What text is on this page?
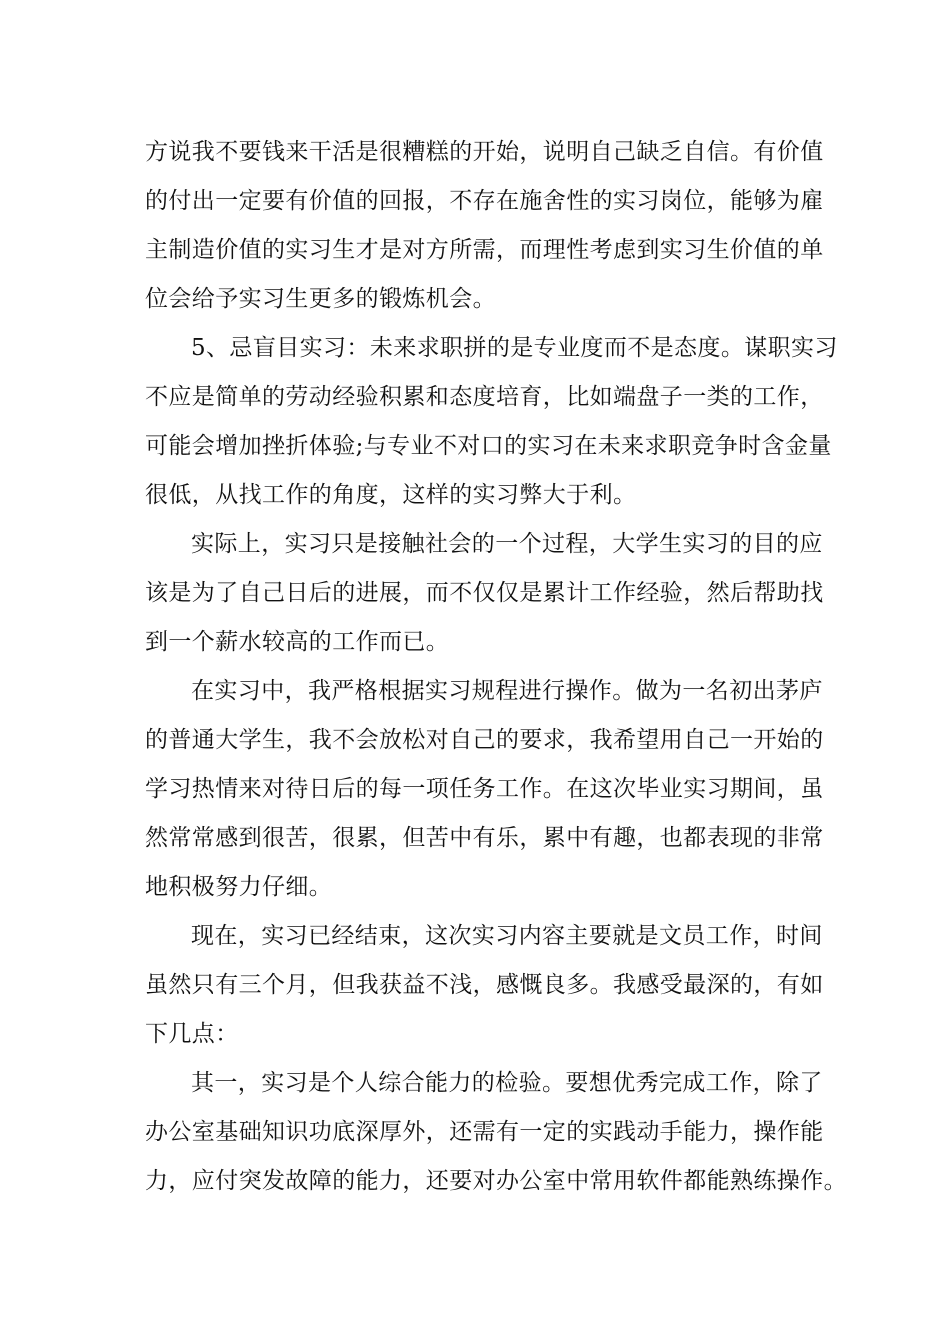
方说我不要钱来干活是很糟糕的开始，说明自己缺乏自信。有价值

的付出一定要有价值的回报，不存在施舍性的实习岗位，能够为雇

主制造价值的实习生才是对方所需，而理性考虑到实习生价值的单

位会给予实习生更多的锻炼机会。

5、忌盲目实习：未来求职拼的是专业度而不是态度。谋职实习

不应是简单的劳动经验积累和态度培育，比如端盘子一类的工作，

可能会增加挫折体验;与专业不对口的实习在未来求职竞争时含金量

很低，从找工作的角度，这样的实习弊大于利。

实际上，实习只是接触社会的一个过程，大学生实习的目的应

该是为了自己日后的进展，而不仅仅是累计工作经验，然后帮助找

到一个薪水较高的工作而已。

在实习中，我严格根据实习规程进行操作。做为一名初出茅庐

的普通大学生，我不会放松对自己的要求，我希望用自己一开始的

学习热情来对待日后的每一项任务工作。在这次毕业实习期间，虽

然常常感到很苦，很累，但苦中有乐，累中有趣，也都表现的非常

地积极努力仔细。

现在，实习已经结束，这次实习内容主要就是文员工作，时间

虽然只有三个月，但我获益不浅，感慨良多。我感受最深的，有如

下几点：

其一，实习是个人综合能力的检验。要想优秀完成工作，除了

办公室基础知识功底深厚外，还需有一定的实践动手能力，操作能

力，应付突发故障的能力，还要对办公室中常用软件都能熟练操作。
